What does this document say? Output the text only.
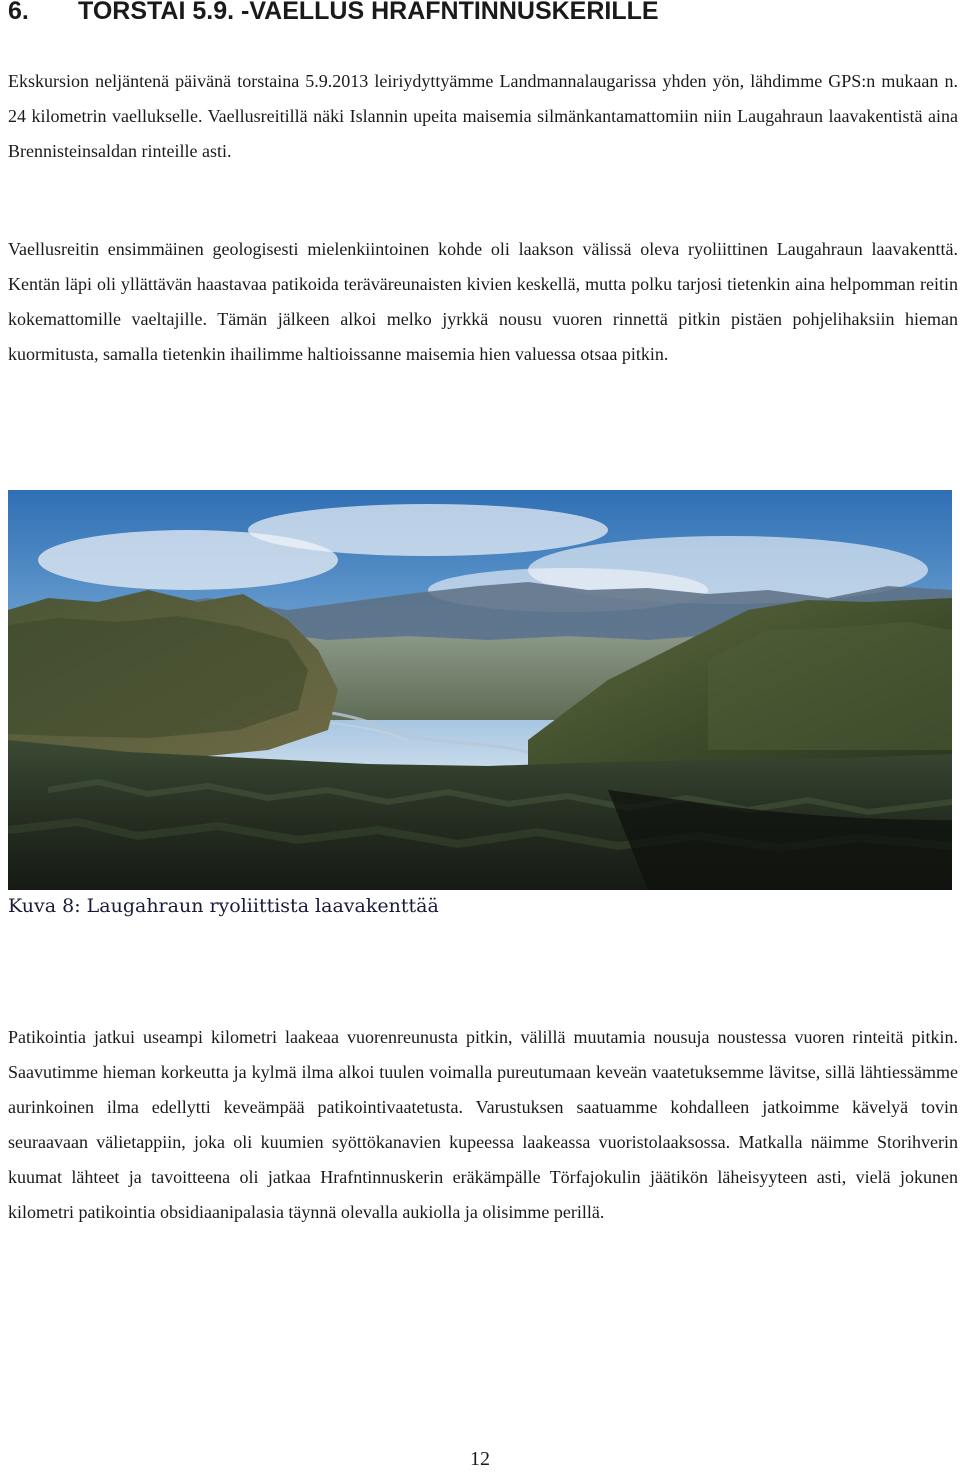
6. TORSTAI 5.9. -VAELLUS HRAFNTINNUSKERILLE

Ekskursion neljäntenä päivänä torstaina 5.9.2013 leiriydyttyämme Landmannalaugarissa yhden yön, lähdimme GPS:n mukaan n. 24 kilometrin vaellukselle. Vaellusreitillä näki Islannin upeita maisemia silmänkantamattomiin niin Laugahraun laavakentistä aina Brennisteinsaldan rinteille asti.

Vaellusreitin ensimmäinen geologisesti mielenkiintoinen kohde oli laakson välissä oleva ryoliittinen Laugahraun laavakenttä. Kentän läpi oli yllättävän haastavaa patikoida teräväreunaisten kivien keskellä, mutta polku tarjosi tietenkin aina helpomman reitin kokemattomille vaeltajille. Tämän jälkeen alkoi melko jyrkkä nousu vuoren rinnettä pitkin pistäen pohjelihaksiin hieman kuormitusta, samalla tietenkin ihailimme haltioissanne maisemia hien valuessa otsaa pitkin.

Kuva 8: Laugahraun ryoliittista laavakenttää

Patikointia jatkui useampi kilometri laakeaa vuorenreunusta pitkin, välillä muutamia nousuja noustessa vuoren rinteitä pitkin. Saavutimme hieman korkeutta ja kylmä ilma alkoi tuulen voimalla pureutumaan keveän vaatetuksemme lävitse, sillä lähtiessämme aurinkoinen ilma edellytti keveämpää patikointivaatetusta. Varustuksen saatuamme kohdalleen jatkoimme kävelyä tovin seuraavaan välietappiin, joka oli kuumien syöttökanavien kupeessa laakeassa vuoristolaaksossa. Matkalla näimme Storihverin kuumat lähteet ja tavoitteena oli jatkaa Hrafntinnuskerin eräkämpälle Törfajokulin jäätikön läheisyyteen asti, vielä jokunen kilometri patikointia obsidiaanipalasia täynnä olevalla aukiolla ja olisimme perillä.

12
